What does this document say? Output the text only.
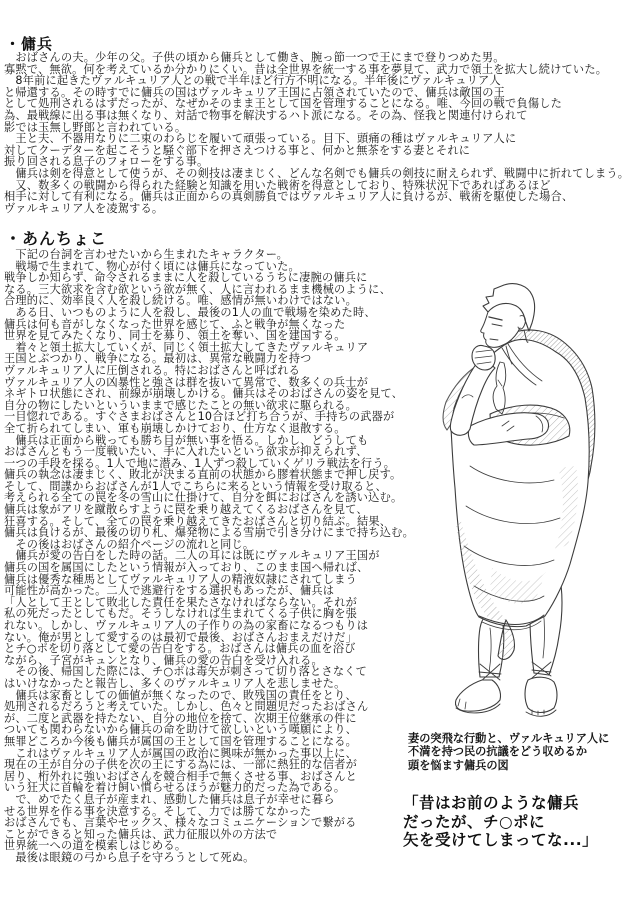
・傭兵
　おばさんの夫。少年の父。子供の頃から傭兵として働き、腕っ節一つで王にまで登りつめた男。
寡黙で、無欲。何を考えているか分かりにくい。昔は全世界を統一する事を夢見て、武力で領土を拡大し続けていた。
　8年前に起きたヴァルキュリア人との戦で半年ほど行方不明になる。半年後にヴァルキュリア人
と帰還する。その時すでに傭兵の国はヴァルキュリア王国に占領されていたので、傭兵は敵国の王
として処刑されるはずだったが、なぜかそのまま王として国を管理することになる。唯、今回の戦で負傷した
為、最戦線に出る事は無くなり、対話で物事を解決するハト派になる。その為、怪我と関連付けられて
影では玉無し野郎と言われている。
　王と夫、不器用なりに二束のわらじを履いて頑張っている。目下、頭痛の種はヴァルキュリア人に
対してクーデターを起こそうと騒ぐ部下を押さえつける事と、何かと無茶をする妻とそれに
振り回される息子のフォローをする事。
　傭兵は剣を得意として使うが、その剣技は凄まじく、どんな名剣でも傭兵の剣技に耐えられず、戦闘中に折れてしまう。
　又、数多くの戦闘から得られた経験と知識を用いた戦術を得意としており、特殊状況下であればあるほど
相手に対して有利になる。傭兵は正面からの真剣勝負ではヴァルキュリア人に負けるが、戦術を駆使した場合、
ヴァルキュリア人を凌駕する。
・あんちょこ
　下記の台詞を言わせたいから生まれたキャラクター。
　戦場で生まれて、物心が付く頃には傭兵になっていた。
戦争しか知らず、命令されるままに人を殺しているうちに凄腕の傭兵に
なる。三大欲求を含む欲という欲が無く、人に言われるまま機械のように、
合理的に、効率良く人を殺し続ける。唯、感情が無いわけではない。
　ある日、いつものように人を殺し、最後の1人の血で戦場を染めた時、
傭兵は何も音がしなくなった世界を感じて、ふと戦争が無くなった
世界を見てみたくなり、同士を募り、領土を奪い、国を建国する。
　着々と領土拡大していくが、同じく領土拡大してきたヴァルキュリア
王国とぶつかり、戦争になる。最初は、異常な戦闘力を持つ
ヴァルキュリア人に圧倒される。特におばさんと呼ばれる
ヴァルキュリア人の凶暴性と強さは群を抜いて異常で、数多くの兵士が
ネギトロ状態にされ、前線が崩壊しかける。傭兵はそのおばさんの姿を見て、
自分の物にしたいといういままで感じたことの無い欲求に駆られる。
一目惚れである。すぐさまおばさんと10合ほど打ち合うが、手持ちの武器が
全て折られてしまい、軍も崩壊しかけており、仕方なく退散する。
　傭兵は正面から戦っても勝ち目が無い事を悟る。しかし、どうしても
おばさんともう一度戦いたい、手に入れたいという欲求が抑えられず、
一つの手段を採る。1人で地に潜み、1人ずつ殺していくゲリラ戦法を行う。
傭兵の執念は凄まじく、敗北が決まる直前の状態から膠着状態まで押し戻す。
そして、間諜からおばさんが1人でこちらに来るという情報を受け取ると、
考えられる全ての罠を冬の雪山に仕掛けて、自分を餌におばさんを誘い込む。
傭兵は象がアリを蹴散らすように罠を乗り越えてくるおばさんを見て、
狂喜する。そして、全ての罠を乗り越えてきたおばさんと切り結ぶ。結果、
傭兵は負けるが、最後の切り札、爆発物による雪崩で引き分けにまで持ち込む。
　その後はおばさんの紹介ページの流れと同じ。
　傭兵が愛の告白をした時の話。二人の耳には既にヴァルキュリア王国が
傭兵の国を属国にしたという情報が入っており、このまま国へ帰れば、
傭兵は優秀な種馬としてヴァルキュリア人の精液奴隷にされてしまう
可能性が高かった。二人で逃避行をする選択もあったが、傭兵は
「人として王として敗北した責任を果たさなければならない。それが
私の死だったとしてもだ。そうしなければ生まれてくる子供に胸を張
れない。しかし、ヴァルキュリア人の子作りの為の家畜になるつもりは
ない。俺が男として愛するのは最初で最後、おばさんおまえだけだ」
とチ○ポを切り落として愛の告白をする。おばさんは傭兵の血を浴び
ながら、子宮がキュンとなり、傭兵の愛の告白を受け入れる。
　その後、帰国した際には、チ○ポは毒矢が刺さって切り落とさなくて
はいけなかったと報告し、多くのヴァルキュリア人を悲しませた。
　傭兵は家畜としての価値が無くなったので、敗残国の責任をとり、
処刑されるだろうと考えていた。しかし、色々と問題児だったおばさん
が、二度と武器を持たない、自分の地位を捨て、次期王位継承の件に
ついても関わらないから傭兵の命を助けて欲しいという嘆願により、
無罪どころか今後も傭兵が属国の王として国を管理することになる。
　これはヴァルキュリア人が属国の政治に興味が無かった事以上に、
現在の王が自分の子供を次の王にする為には、一部に熱狂的な信者が
居り、桁外れに強いおばさんを競合相手で無くさせる事、おばさんと
いう狂犬に首輪を着け飼い慣らせるほうが魅力的だった為である。
　で、めでたく息子が産まれ、感動した傭兵は息子が幸せに暮ら
せる世界を作る事を決意する。そして、力では勝てなかった
おばさんでも、言葉やセックス、様々なコミュニケーションで繋がる
ことができると知った傭兵は、武力征服以外の方法で
世界統一への道を模索しはじめる。
　最後は眼鏡の弓から息子を守ろうとして死ぬ。
妻の突飛な行動と、ヴァルキュリア人に
不満を持つ民の抗議をどう収めるか
頭を悩ます傭兵の図
「昔はお前のような傭兵
だったが、チ○ポに
矢を受けてしまってな...」
